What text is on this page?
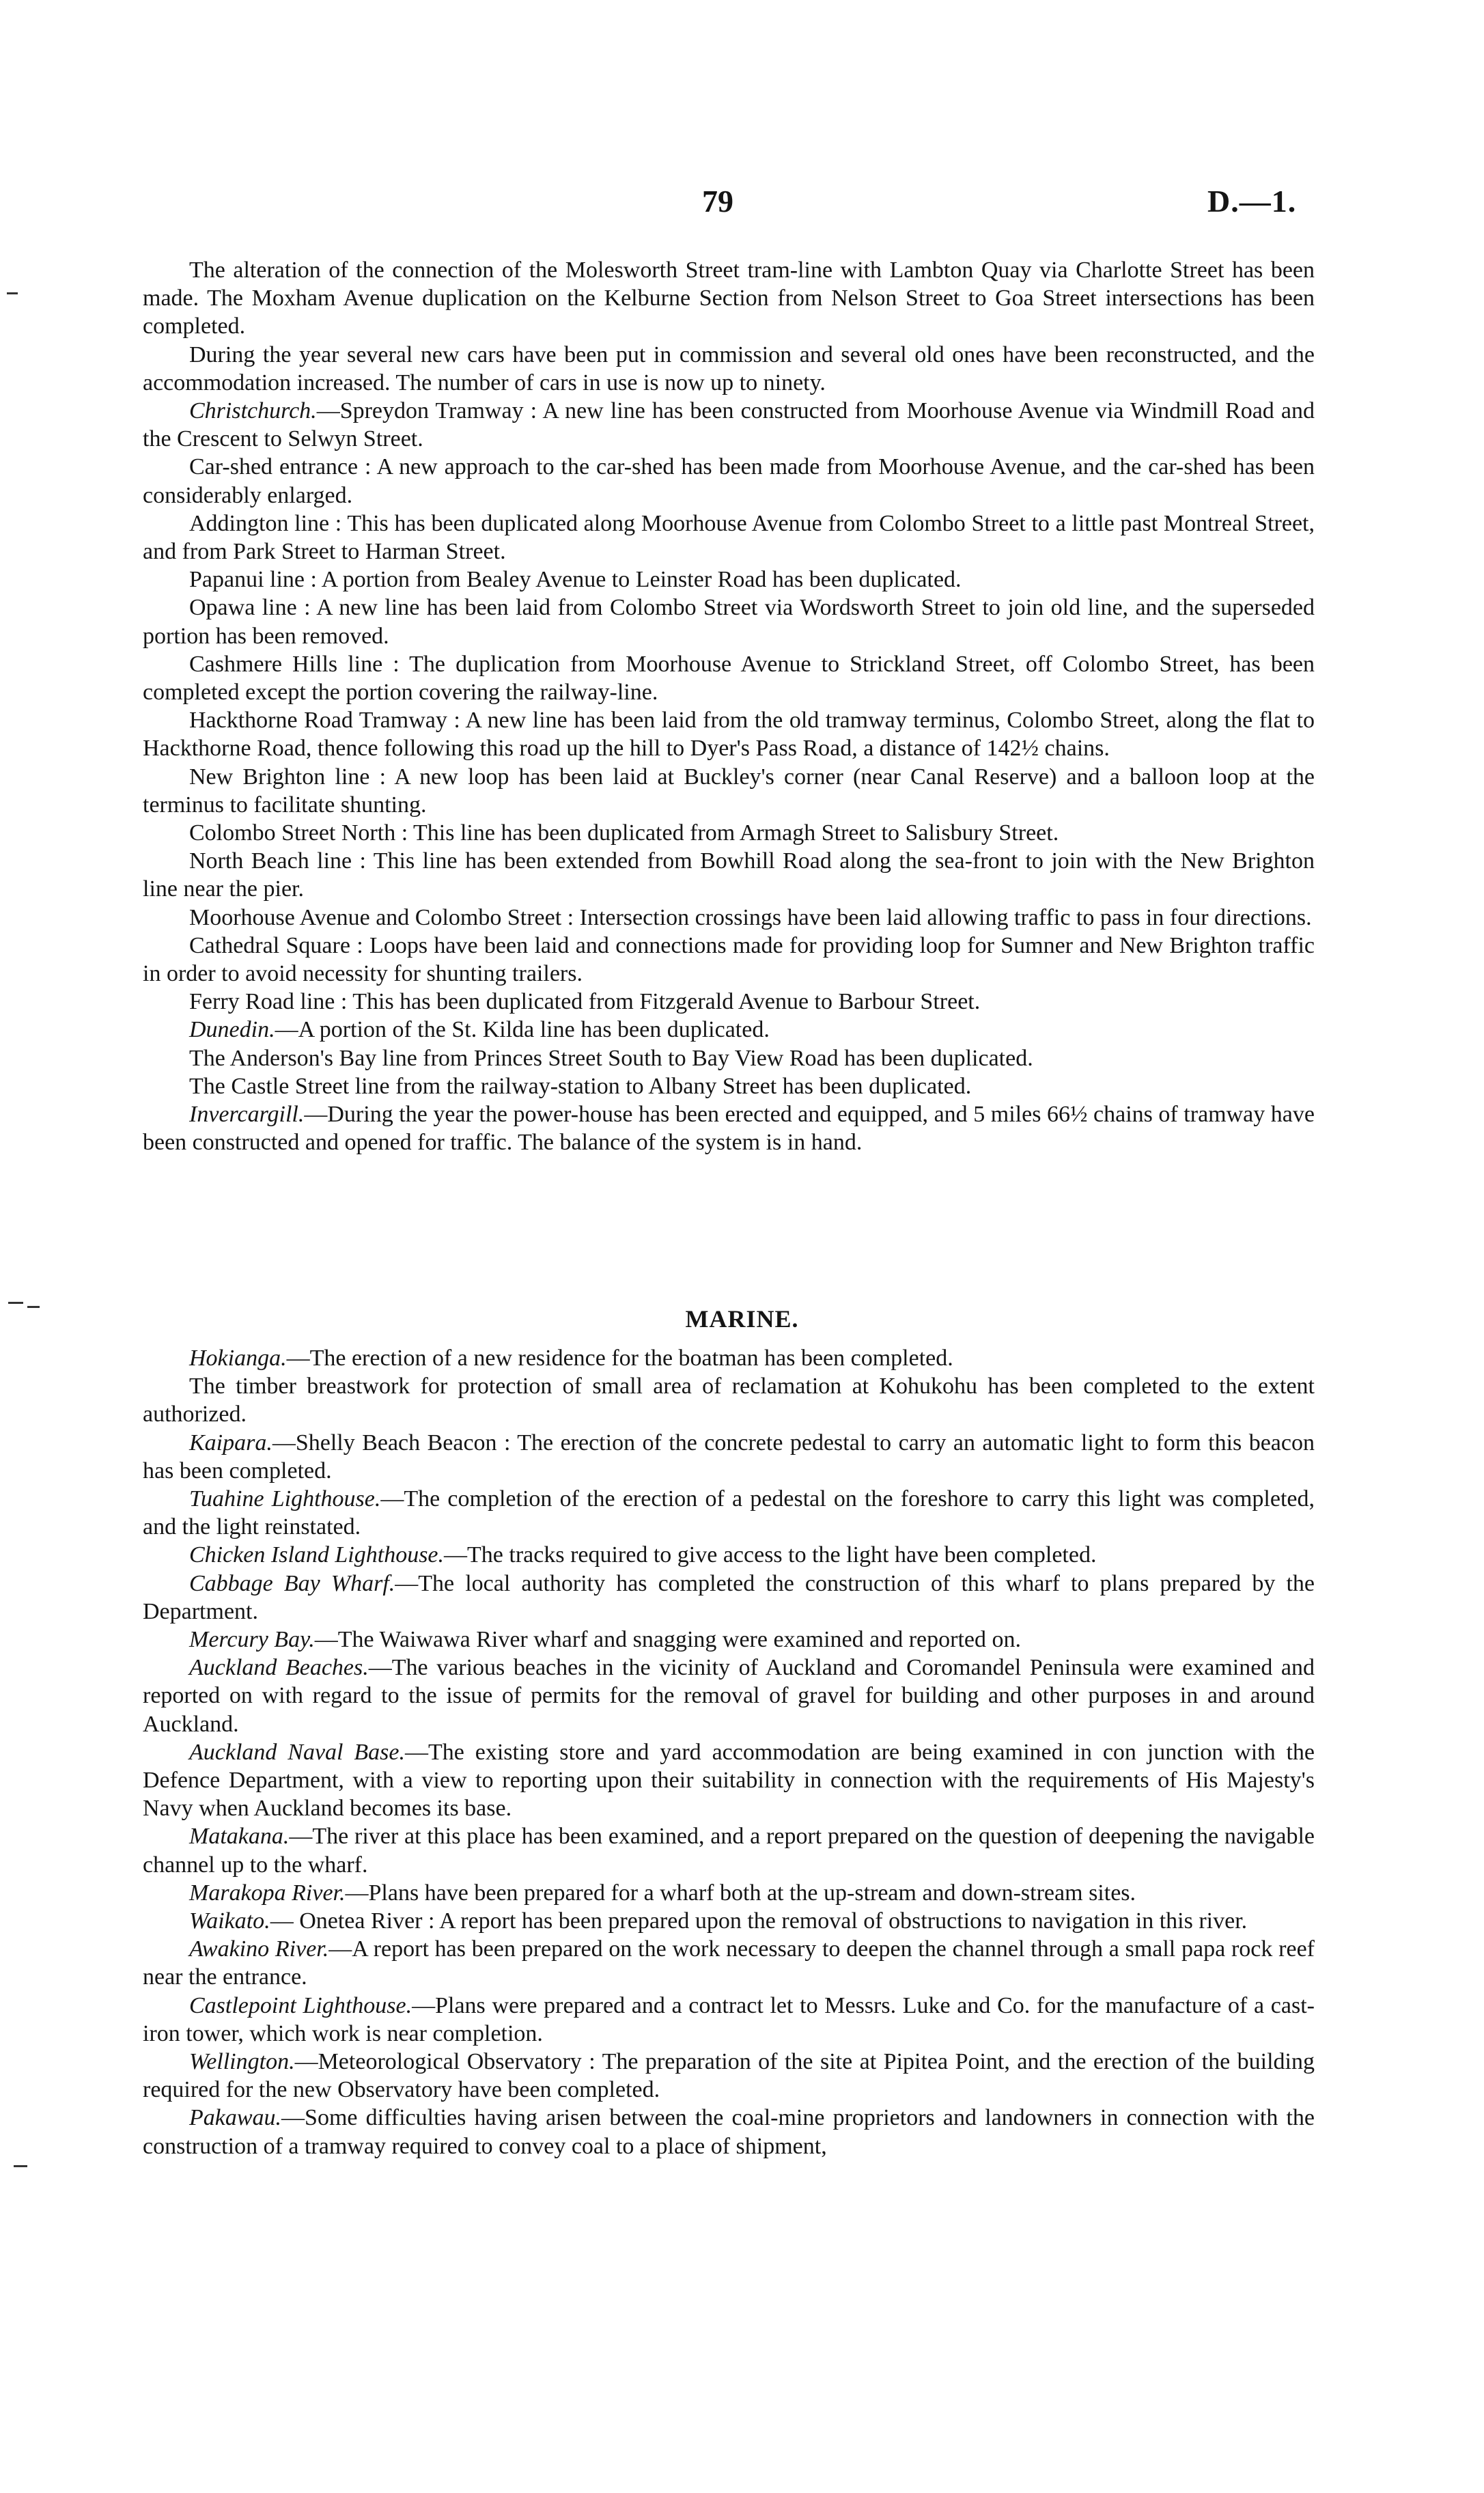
79	D.—1.

The alteration of the connection of the Molesworth Street tram-line with Lambton Quay via Charlotte Street has been made. The Moxham Avenue duplication on the Kelburne Section from Nelson Street to Goa Street intersections has been completed.

During the year several new cars have been put in commission and several old ones have been reconstructed, and the accommodation increased. The number of cars in use is now up to ninety.

Christchurch.—Spreydon Tramway : A new line has been constructed from Moorhouse Avenue via Windmill Road and the Crescent to Selwyn Street.

Car-shed entrance : A new approach to the car-shed has been made from Moorhouse Avenue, and the car-shed has been considerably enlarged.

Addington line : This has been duplicated along Moorhouse Avenue from Colombo Street to a little past Montreal Street, and from Park Street to Harman Street.

Papanui line : A portion from Bealey Avenue to Leinster Road has been duplicated.

Opawa line : A new line has been laid from Colombo Street via Wordsworth Street to join old line, and the superseded portion has been removed.

Cashmere Hills line : The duplication from Moorhouse Avenue to Strickland Street, off Colombo Street, has been completed except the portion covering the railway-line.

Hackthorne Road Tramway : A new line has been laid from the old tramway terminus, Colombo Street, along the flat to Hackthorne Road, thence following this road up the hill to Dyer's Pass Road, a distance of 142½ chains.

New Brighton line : A new loop has been laid at Buckley's corner (near Canal Reserve) and a balloon loop at the terminus to facilitate shunting.

Colombo Street North : This line has been duplicated from Armagh Street to Salisbury Street.

North Beach line : This line has been extended from Bowhill Road along the sea-front to join with the New Brighton line near the pier.

Moorhouse Avenue and Colombo Street : Intersection crossings have been laid allowing traffic to pass in four directions.

Cathedral Square : Loops have been laid and connections made for providing loop for Sumner and New Brighton traffic in order to avoid necessity for shunting trailers.

Ferry Road line : This has been duplicated from Fitzgerald Avenue to Barbour Street.

Dunedin.—A portion of the St. Kilda line has been duplicated.

The Anderson's Bay line from Princes Street South to Bay View Road has been duplicated.

The Castle Street line from the railway-station to Albany Street has been duplicated.

Invercargill.—During the year the power-house has been erected and equipped, and 5 miles 66½ chains of tramway have been constructed and opened for traffic. The balance of the system is in hand.

MARINE.

Hokianga.—The erection of a new residence for the boatman has been completed.

The timber breastwork for protection of small area of reclamation at Kohukohu has been completed to the extent authorized.

Kaipara.—Shelly Beach Beacon : The erection of the concrete pedestal to carry an automatic light to form this beacon has been completed.

Tuahine Lighthouse.—The completion of the erection of a pedestal on the foreshore to carry this light was completed, and the light reinstated.

Chicken Island Lighthouse.—The tracks required to give access to the light have been completed.

Cabbage Bay Wharf.—The local authority has completed the construction of this wharf to plans prepared by the Department.

Mercury Bay.—The Waiwawa River wharf and snagging were examined and reported on.

Auckland Beaches.—The various beaches in the vicinity of Auckland and Coromandel Peninsula were examined and reported on with regard to the issue of permits for the removal of gravel for building and other purposes in and around Auckland.

Auckland Naval Base.—The existing store and yard accommodation are being examined in con junction with the Defence Department, with a view to reporting upon their suitability in connection with the requirements of His Majesty's Navy when Auckland becomes its base.

Matakana.—The river at this place has been examined, and a report prepared on the question of deepening the navigable channel up to the wharf.

Marakopa River.—Plans have been prepared for a wharf both at the up-stream and down-stream sites.

Waikato.— Onetea River : A report has been prepared upon the removal of obstructions to navigation in this river.

Awakino River.—A report has been prepared on the work necessary to deepen the channel through a small papa rock reef near the entrance.

Castlepoint Lighthouse.—Plans were prepared and a contract let to Messrs. Luke and Co. for the manufacture of a cast-iron tower, which work is near completion.

Wellington.—Meteorological Observatory : The preparation of the site at Pipitea Point, and the erection of the building required for the new Observatory have been completed.

Pakawau.—Some difficulties having arisen between the coal-mine proprietors and landowners in connection with the construction of a tramway required to convey coal to a place of shipment,
